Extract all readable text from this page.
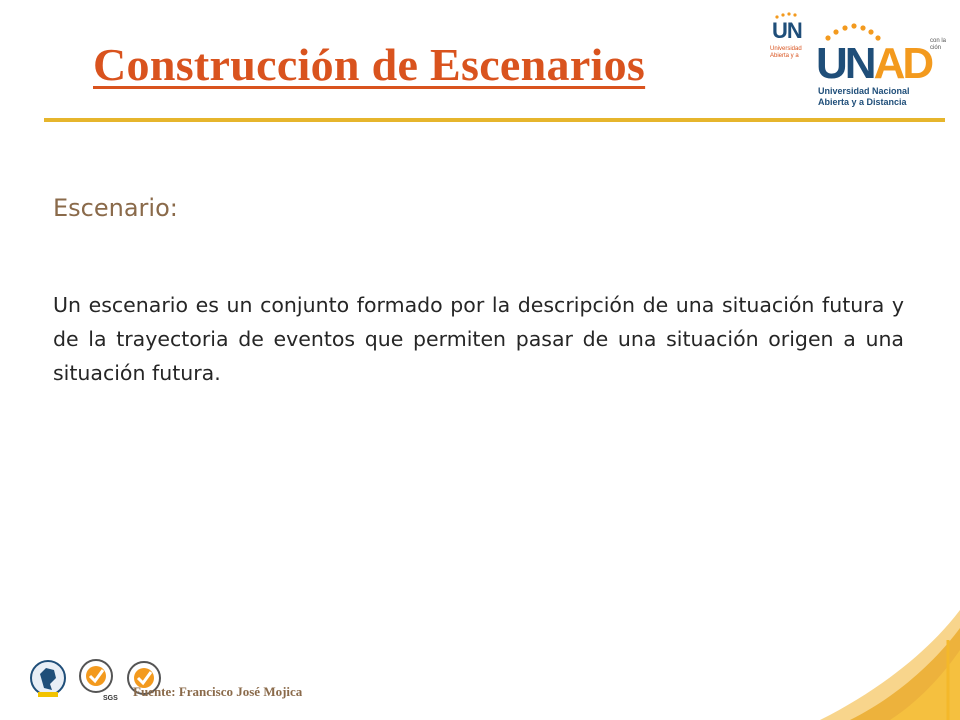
Construcción de Escenarios
UN
Universidad
Abierta y a UNAD
Universidad Nacional
Abierta y a Distancia
con la
ción
Escenario:
Un escenario es un conjunto formado por la descripción de una situación futura y de la trayectoria de eventos que permiten pasar de una situación origen a una situación futura.
SGS Fuente: Francisco José Mojica
